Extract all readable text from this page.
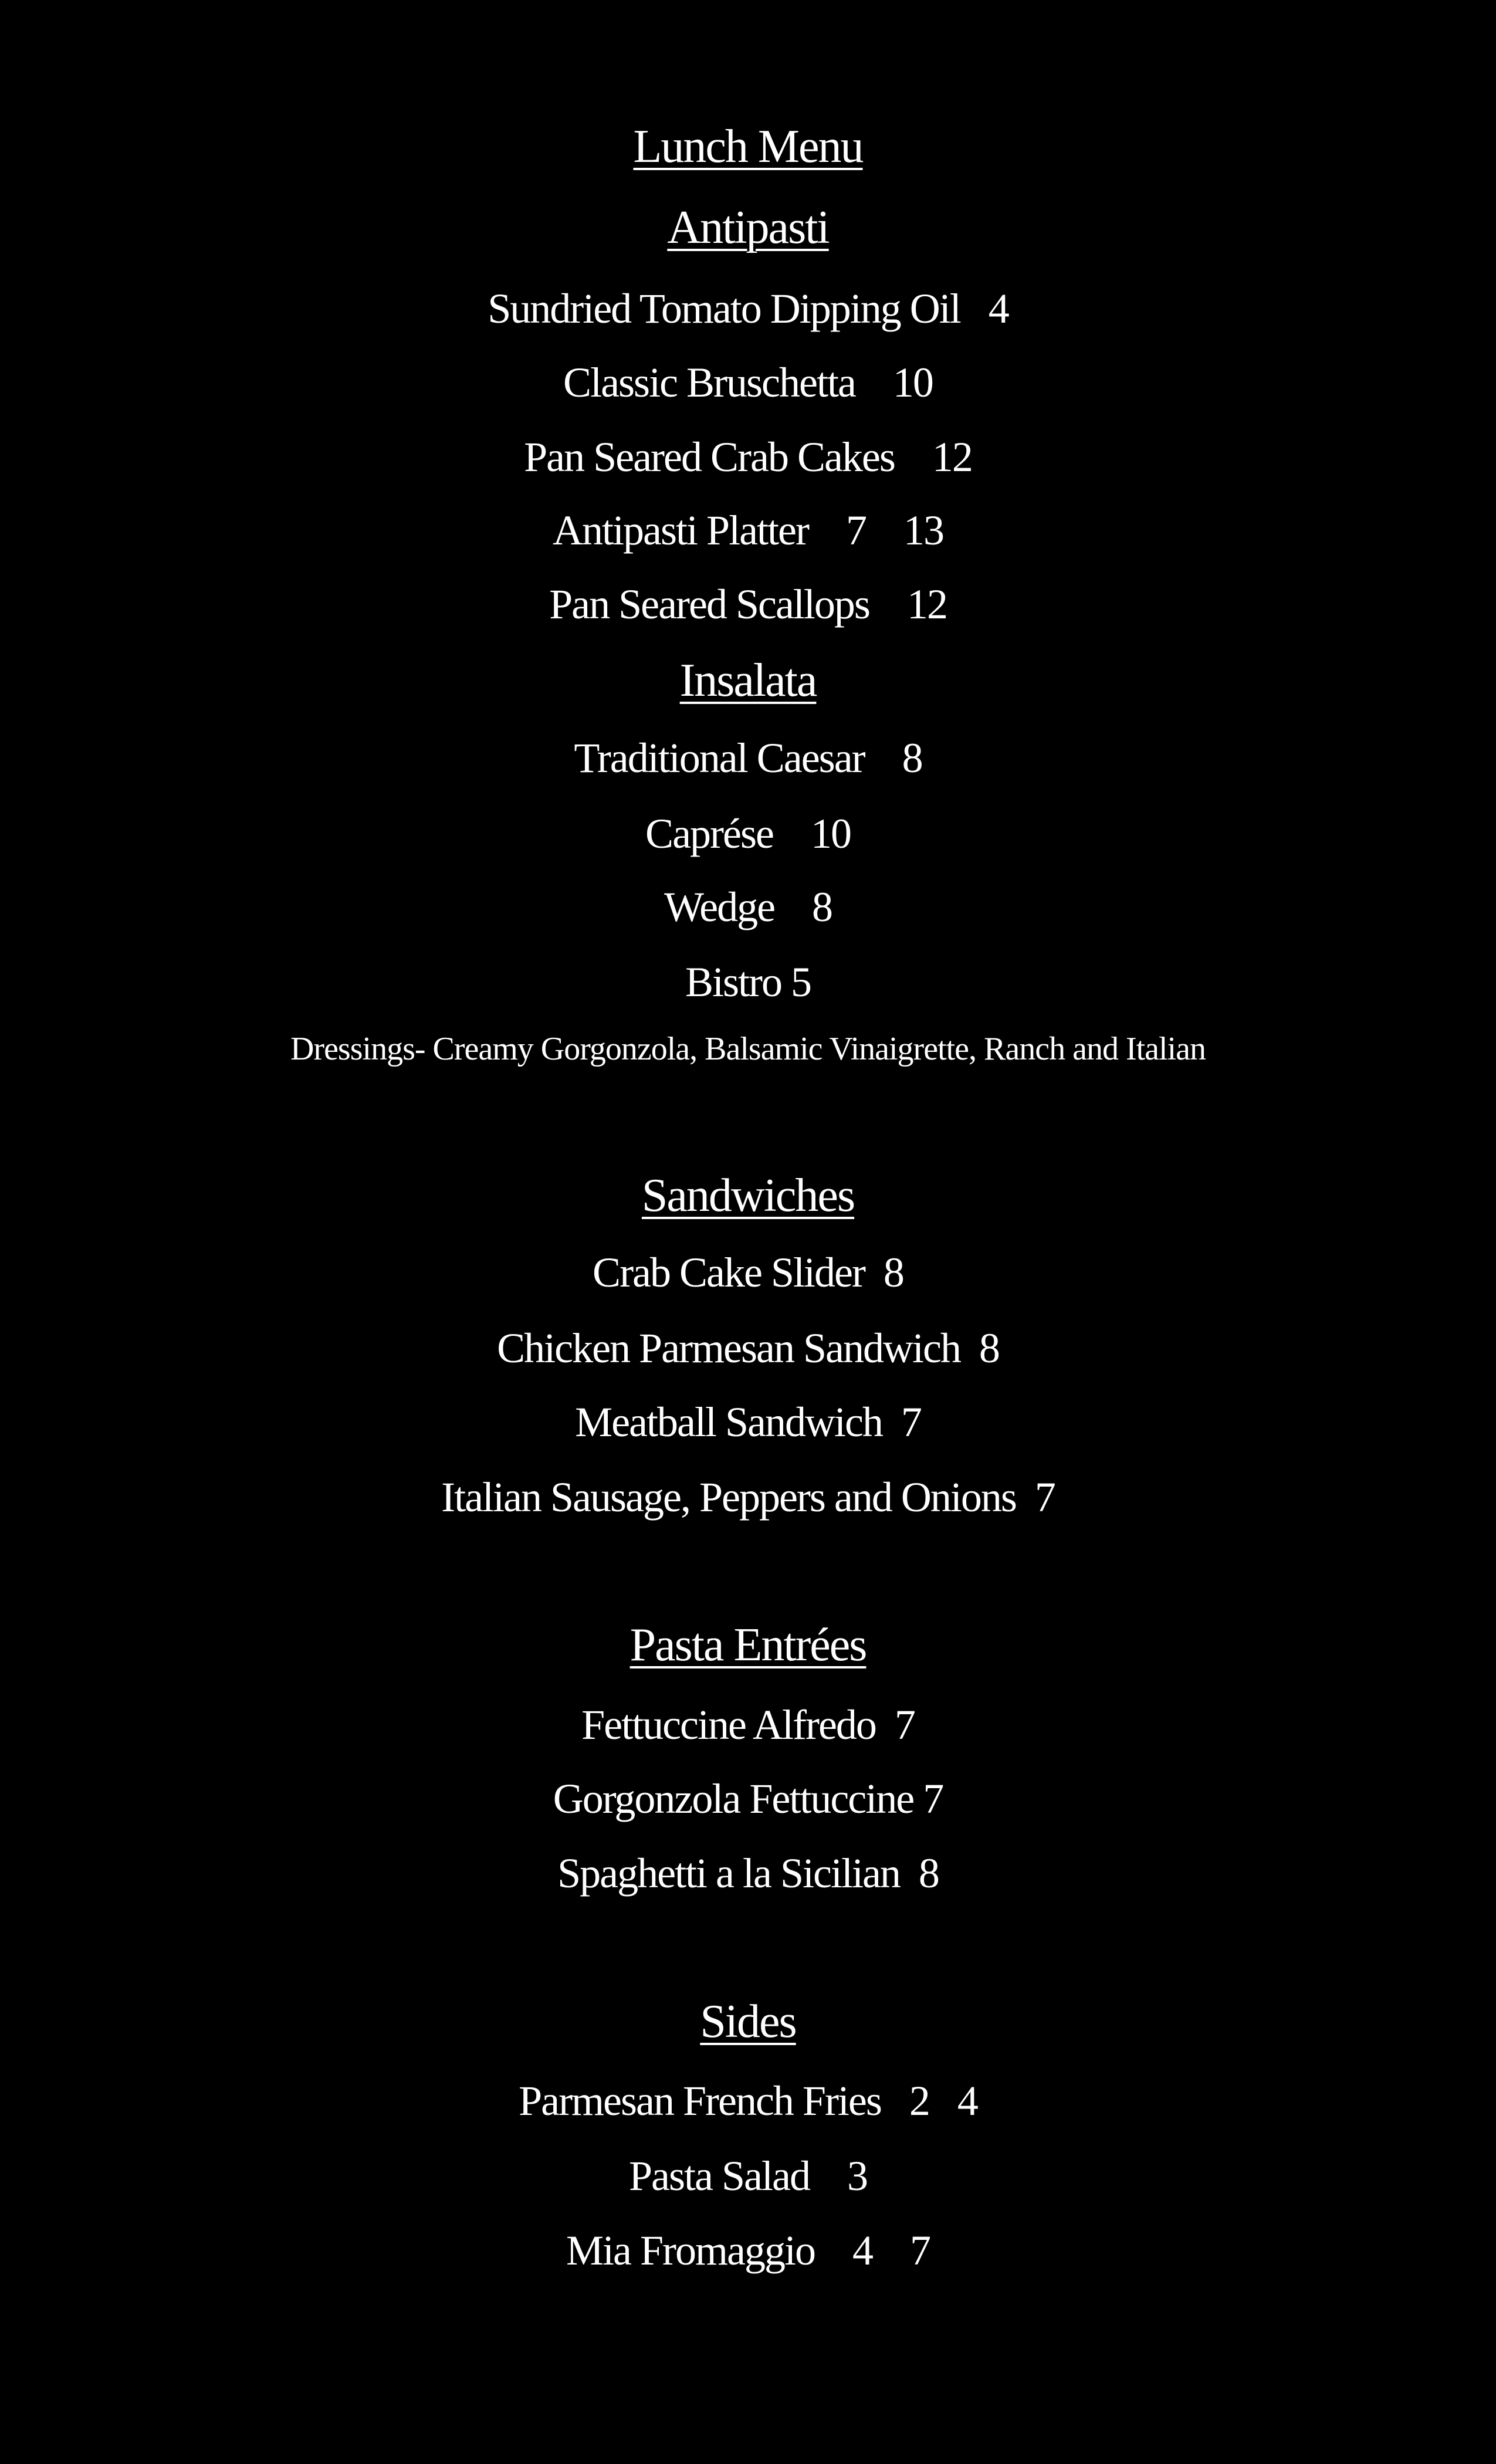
Lunch Menu
Antipasti
Sundried Tomato Dipping Oil   4
Classic Bruschetta    10
Pan Seared Crab Cakes    12
Antipasti Platter    7    13
Pan Seared Scallops    12
Insalata
Traditional Caesar    8
Caprése    10
Wedge    8
Bistro 5
Dressings- Creamy Gorgonzola, Balsamic Vinaigrette, Ranch and Italian
Sandwiches
Crab Cake Slider  8
Chicken Parmesan Sandwich  8
Meatball Sandwich  7
Italian Sausage, Peppers and Onions  7
Pasta Entrées
Fettuccine Alfredo  7
Gorgonzola Fettuccine 7
Spaghetti a la Sicilian  8
Sides
Parmesan French Fries   2   4
Pasta Salad    3
Mia Fromaggio    4    7
